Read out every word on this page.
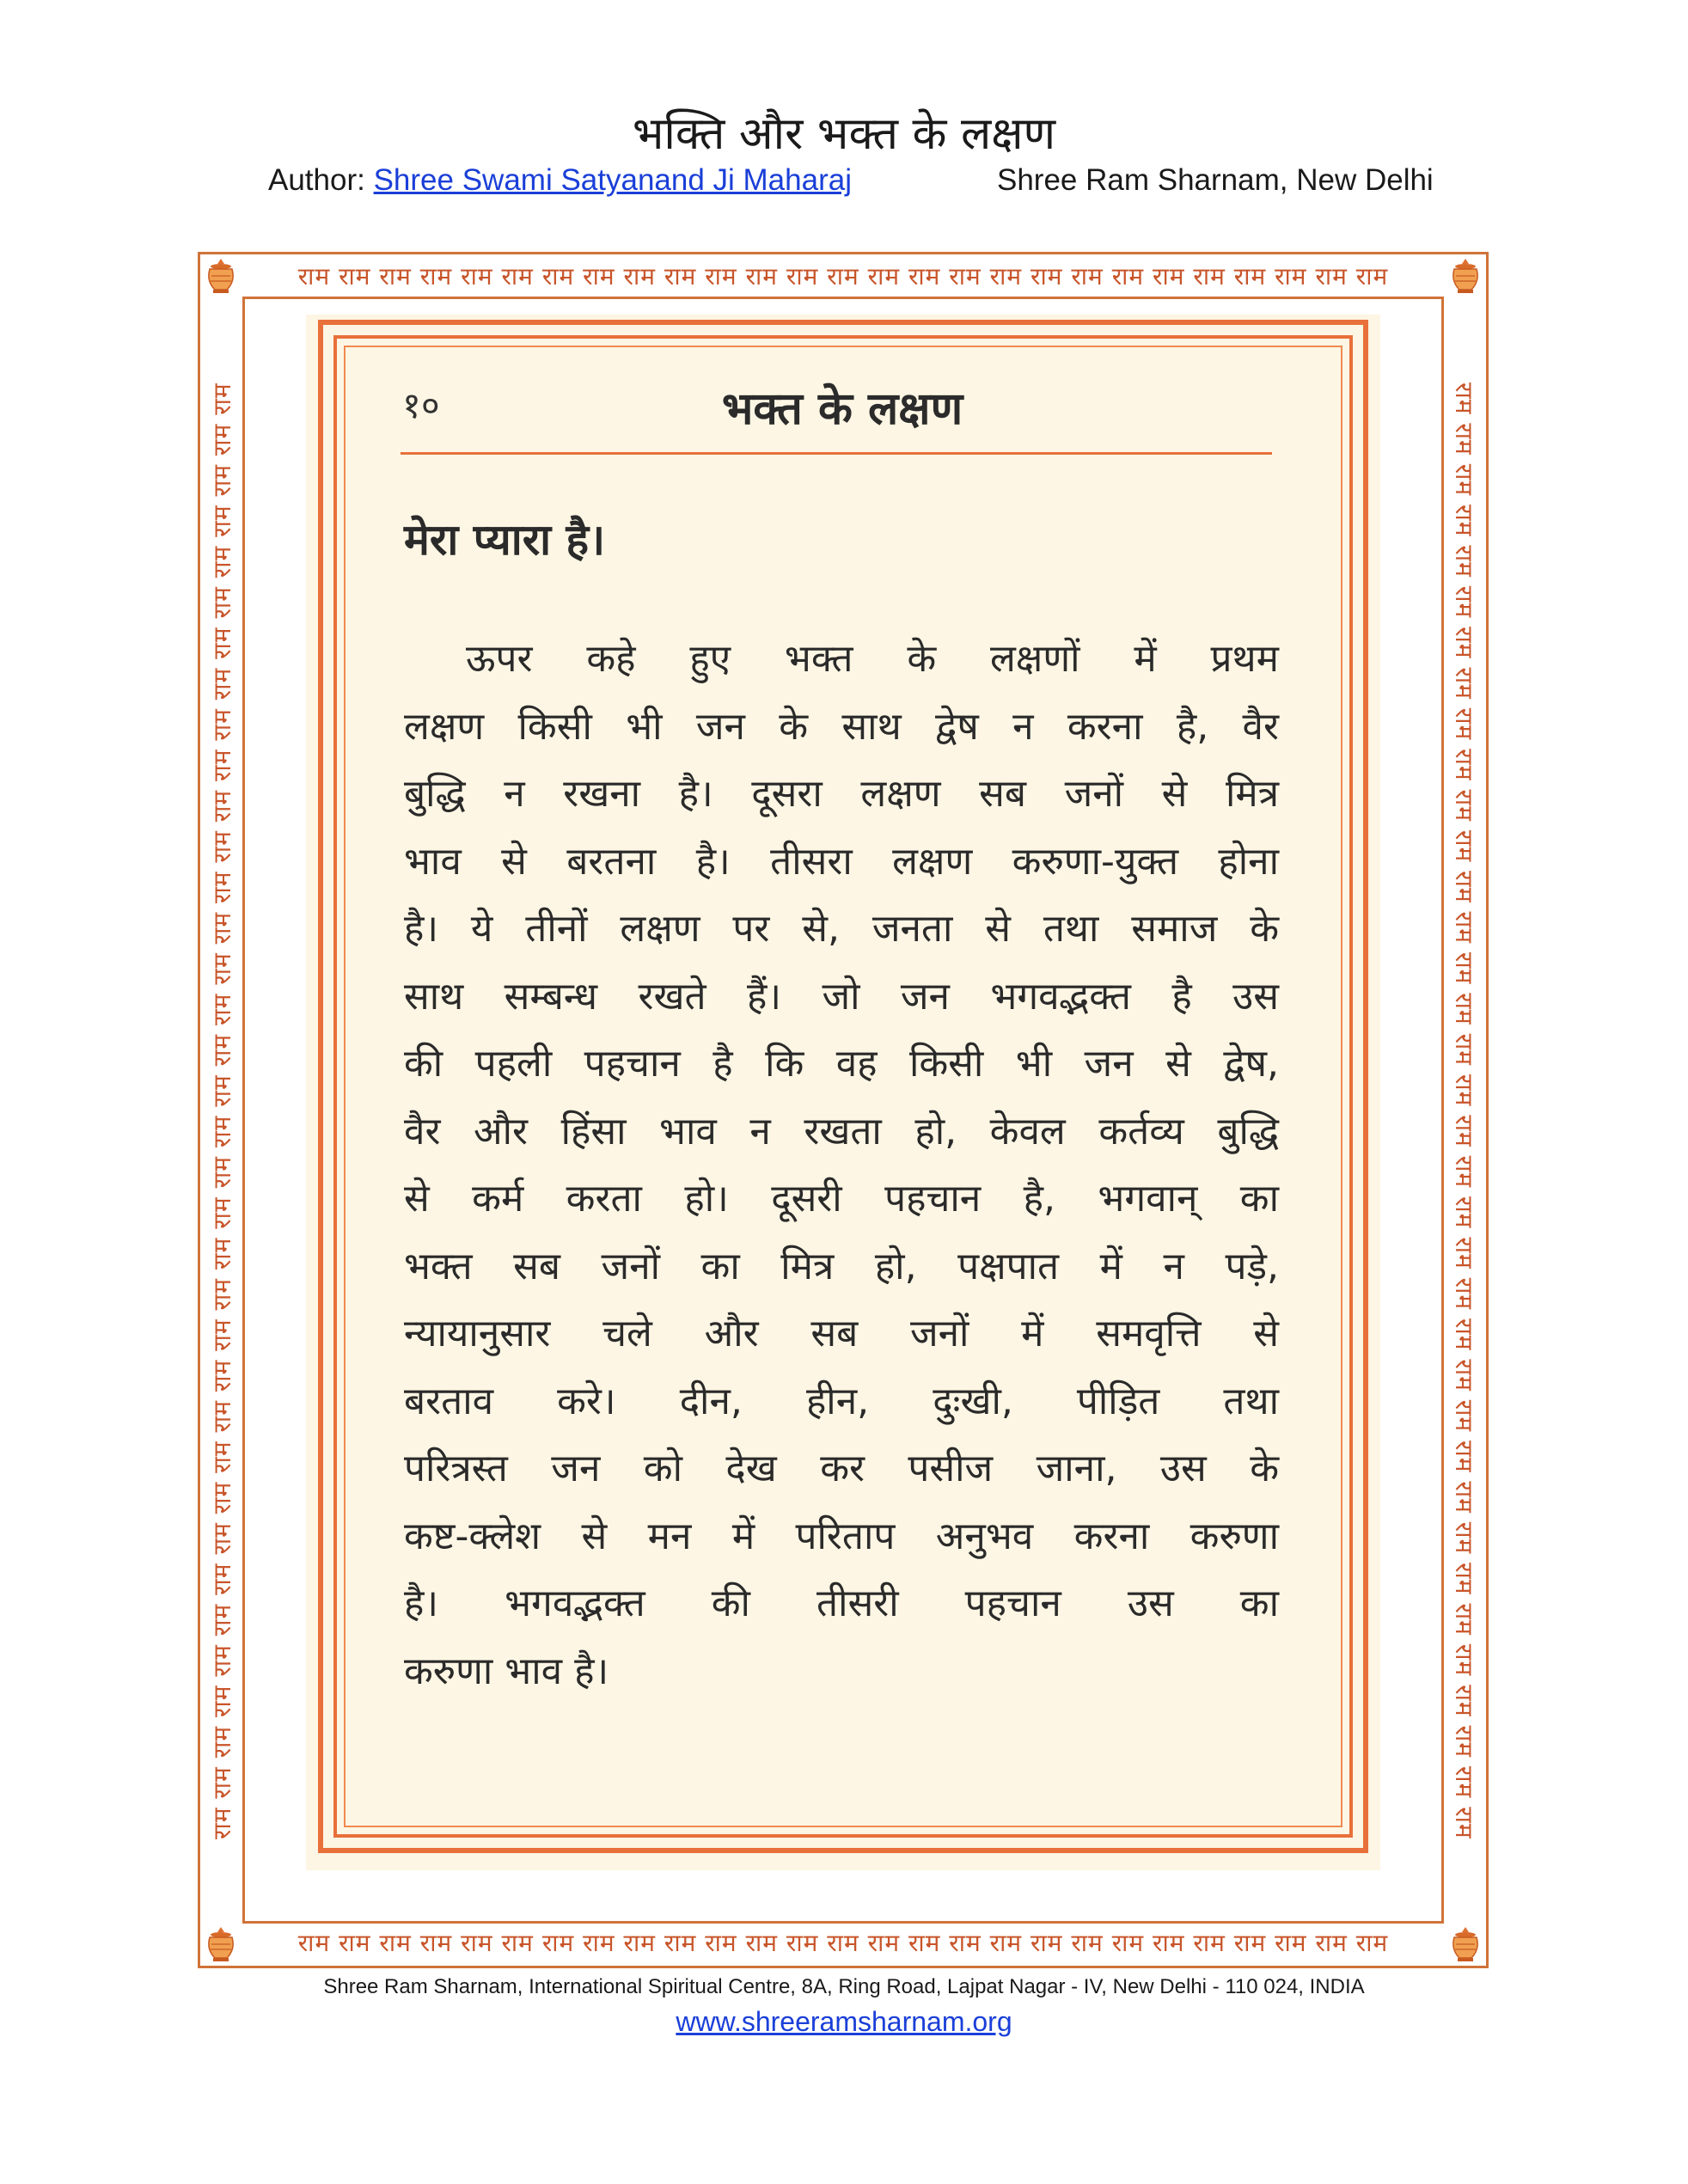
भक्ति और भक्त के लक्षण
Author: Shree Swami Satyanand Ji Maharaj	Shree Ram Sharnam, New Delhi
राम राम राम राम राम राम राम राम राम राम राम राम राम राम राम राम राम राम राम राम राम राम राम राम राम राम राम
राम राम राम राम राम राम राम राम राम राम राम राम राम राम राम राम राम राम राम राम राम राम राम राम राम राम राम
राम राम राम राम राम राम राम राम राम राम राम राम राम राम राम राम राम राम राम राम राम राम राम राम राम राम राम राम राम राम राम राम राम राम राम राम	राम राम राम राम राम राम राम राम राम राम राम राम राम राम राम राम राम राम राम राम राम राम राम राम राम राम राम राम राम राम राम राम राम राम राम राम
१०	भक्त के लक्षण
मेरा प्यारा है।
ऊपर कहे हुए भक्त के लक्षणों में प्रथम
लक्षण किसी भी जन के साथ द्वेष न करना है, वैर
बुद्धि न रखना है। दूसरा लक्षण सब जनों से मित्र
भाव से बरतना है। तीसरा लक्षण करुणा-युक्त होना
है। ये तीनों लक्षण पर से, जनता से तथा समाज के
साथ सम्बन्ध रखते हैं। जो जन भगवद्भक्त है उस
की पहली पहचान है कि वह किसी भी जन से द्वेष,
वैर और हिंसा भाव न रखता हो, केवल कर्तव्य बुद्धि
से कर्म करता हो। दूसरी पहचान है, भगवान् का
भक्त सब जनों का मित्र हो, पक्षपात में न पड़े,
न्यायानुसार चले और सब जनों में समवृत्ति से
बरताव करे। दीन, हीन, दुःखी, पीड़ित तथा
परित्रस्त जन को देख कर पसीज जाना, उस के
कष्ट-क्लेश से मन में परिताप अनुभव करना करुणा
है। भगवद्भक्त की तीसरी पहचान उस का
करुणा भाव है।
Shree Ram Sharnam, International Spiritual Centre, 8A, Ring Road, Lajpat Nagar - IV, New Delhi - 110 024, INDIA
www.shreeramsharnam.org
